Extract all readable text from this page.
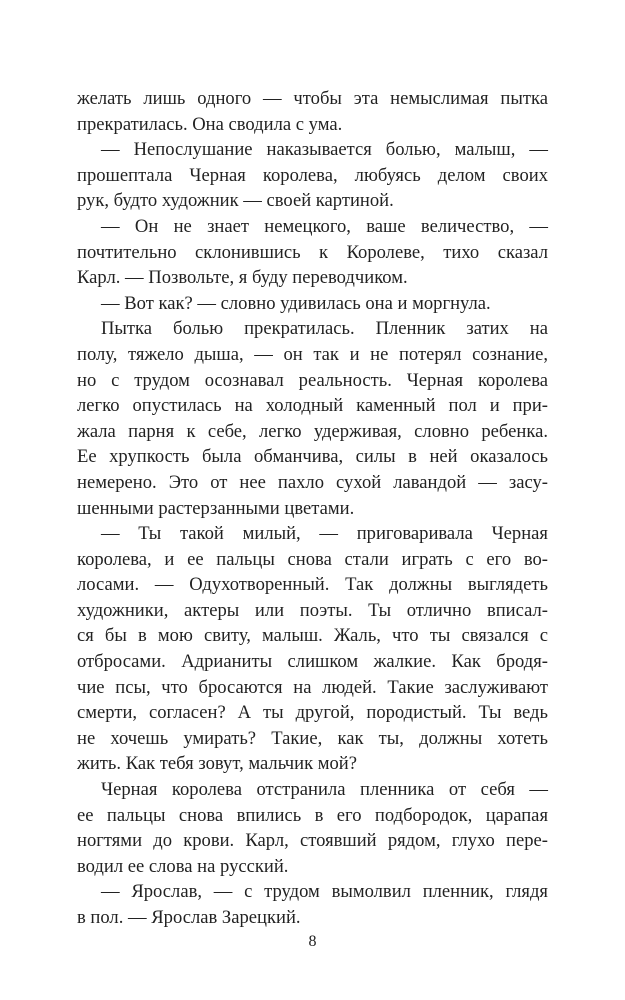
желать лишь одного — чтобы эта немыслимая пытка
прекратилась. Она сводила с ума.
— Непослушание наказывается болью, малыш, —
прошептала Черная королева, любуясь делом своих
рук, будто художник — своей картиной.
— Он не знает немецкого, ваше величество, —
почтительно склонившись к Королеве, тихо сказал
Карл. — Позвольте, я буду переводчиком.
— Вот как? — словно удивилась она и моргнула.
Пытка болью прекратилась. Пленник затих на
полу, тяжело дыша, — он так и не потерял сознание,
но с трудом осознавал реальность. Черная королева
легко опустилась на холодный каменный пол и при-
жала парня к себе, легко удерживая, словно ребенка.
Ее хрупкость была обманчива, силы в ней оказалось
немерено. Это от нее пахло сухой лавандой — засу-
шенными растерзанными цветами.
— Ты такой милый, — приговаривала Черная
королева, и ее пальцы снова стали играть с его во-
лосами. — Одухотворенный. Так должны выглядеть
художники, актеры или поэты. Ты отлично вписал-
ся бы в мою свиту, малыш. Жаль, что ты связался с
отбросами. Адрианиты слишком жалкие. Как бродя-
чие псы, что бросаются на людей. Такие заслуживают
смерти, согласен? А ты другой, породистый. Ты ведь
не хочешь умирать? Такие, как ты, должны хотеть
жить. Как тебя зовут, мальчик мой?
Черная королева отстранила пленника от себя —
ее пальцы снова впились в его подбородок, царапая
ногтями до крови. Карл, стоявший рядом, глухо пере-
водил ее слова на русский.
— Ярослав, — с трудом вымолвил пленник, глядя
в пол. — Ярослав Зарецкий.
8
